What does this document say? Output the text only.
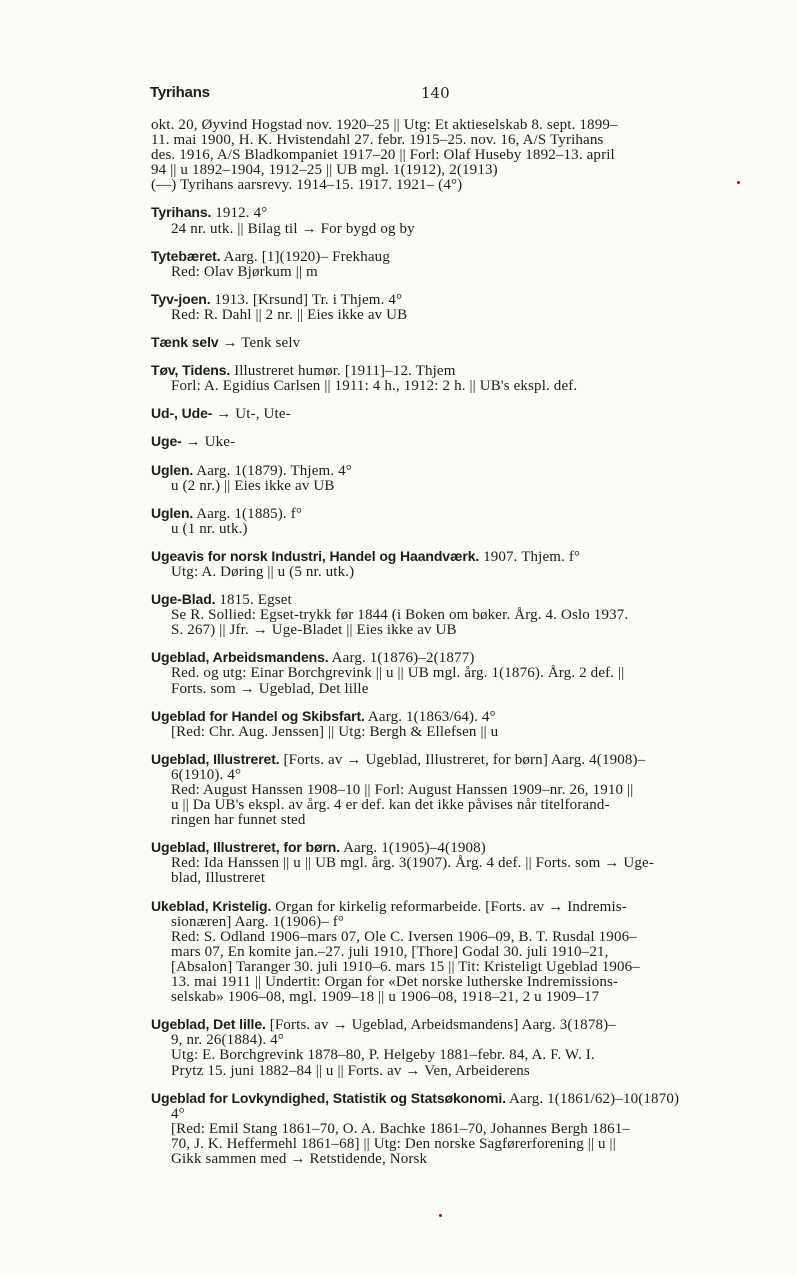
Tyrihans	140
okt. 20, Øyvind Hogstad nov. 1920–25 || Utg: Et aktieselskab 8. sept. 1899–
11. mai 1900, H. K. Hvistendahl 27. febr. 1915–25. nov. 16, A/S Tyrihans
des. 1916, A/S Bladkompaniet 1917–20 || Forl: Olaf Huseby 1892–13. april
94 || u 1892–1904, 1912–25 || UB mgl. 1(1912), 2(1913)
(—) Tyrihans aarsrevy. 1914–15. 1917. 1921– (4°)
Tyrihans. 1912. 4°
24 nr. utk. || Bilag til → For bygd og by
Tytebæret. Aarg. [1](1920)– Frekhaug
Red: Olav Bjørkum || m
Tyv-joen. 1913. [Krsund] Tr. i Thjem. 4°
Red: R. Dahl || 2 nr. || Eies ikke av UB
Tænk selv → Tenk selv
Tøv, Tidens. Illustreret humør. [1911]–12. Thjem
Forl: A. Egidius Carlsen || 1911: 4 h., 1912: 2 h. || UB's ekspl. def.
Ud-, Ude- → Ut-, Ute-
Uge- → Uke-
Uglen. Aarg. 1(1879). Thjem. 4°
u (2 nr.) || Eies ikke av UB
Uglen. Aarg. 1(1885). f°
u (1 nr. utk.)
Ugeavis for norsk Industri, Handel og Haandværk. 1907. Thjem. f°
Utg: A. Døring || u (5 nr. utk.)
Uge-Blad. 1815. Egset
Se R. Sollied: Egset-trykk før 1844 (i Boken om bøker. Årg. 4. Oslo 1937.
S. 267) || Jfr. → Uge-Bladet || Eies ikke av UB
Ugeblad, Arbeidsmandens. Aarg. 1(1876)–2(1877)
Red. og utg: Einar Borchgrevink || u || UB mgl. årg. 1(1876). Årg. 2 def. ||
Forts. som → Ugeblad, Det lille
Ugeblad for Handel og Skibsfart. Aarg. 1(1863/64). 4°
[Red: Chr. Aug. Jenssen] || Utg: Bergh & Ellefsen || u
Ugeblad, Illustreret. [Forts. av → Ugeblad, Illustreret, for børn] Aarg. 4(1908)–
6(1910). 4°
Red: August Hanssen 1908–10 || Forl: August Hanssen 1909–nr. 26, 1910 ||
u || Da UB's ekspl. av årg. 4 er def. kan det ikke påvises når titelforand-
ringen har funnet sted
Ugeblad, Illustreret, for børn. Aarg. 1(1905)–4(1908)
Red: Ida Hanssen || u || UB mgl. årg. 3(1907). Årg. 4 def. || Forts. som → Uge-
blad, Illustreret
Ukeblad, Kristelig. Organ for kirkelig reformarbeide. [Forts. av → Indremis-
sionæren] Aarg. 1(1906)– f°
Red: S. Odland 1906–mars 07, Ole C. Iversen 1906–09, B. T. Rusdal 1906–
mars 07, En komite jan.–27. juli 1910, [Thore] Godal 30. juli 1910–21,
[Absalon] Taranger 30. juli 1910–6. mars 15 || Tit: Kristeligt Ugeblad 1906–
13. mai 1911 || Undertit: Organ for «Det norske lutherske Indremissions-
selskab» 1906–08, mgl. 1909–18 || u 1906–08, 1918–21, 2 u 1909–17
Ugeblad, Det lille. [Forts. av → Ugeblad, Arbeidsmandens] Aarg. 3(1878)–
9, nr. 26(1884). 4°
Utg: E. Borchgrevink 1878–80, P. Helgeby 1881–febr. 84, A. F. W. I.
Prytz 15. juni 1882–84 || u || Forts. av → Ven, Arbeiderens
Ugeblad for Lovkyndighed, Statistik og Statsøkonomi. Aarg. 1(1861/62)–10(1870)
4°
[Red: Emil Stang 1861–70, O. A. Bachke 1861–70, Johannes Bergh 1861–
70, J. K. Heffermehl 1861–68] || Utg: Den norske Sagførerforening || u ||
Gikk sammen med → Retstidende, Norsk
